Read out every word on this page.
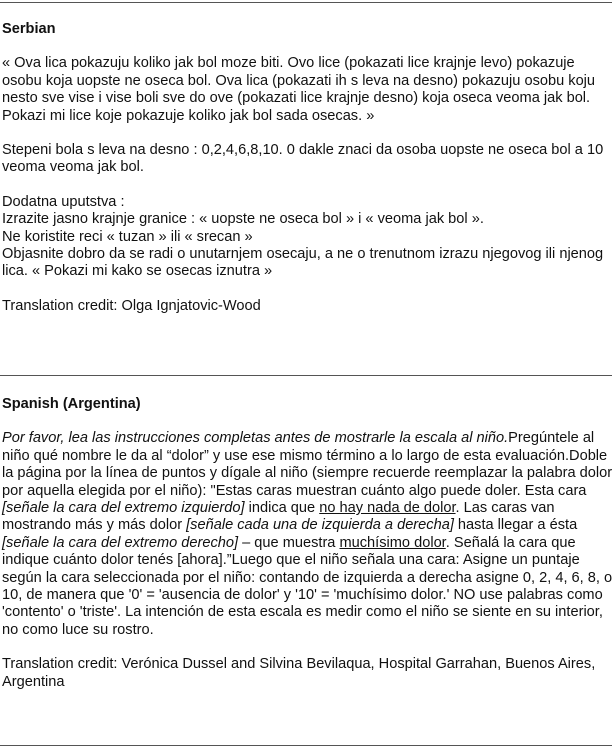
Serbian

« Ova lica pokazuju koliko jak bol moze biti. Ovo lice (pokazati lice krajnje levo) pokazuje osobu koja uopste ne oseca bol. Ova lica (pokazati ih s leva na desno) pokazuju osobu koju nesto sve vise i vise boli sve do ove (pokazati lice krajnje desno) koja oseca veoma jak bol. Pokazi mi lice koje pokazuje koliko jak bol sada osecas. »

Stepeni bola s leva na desno : 0,2,4,6,8,10. 0 dakle znaci da osoba uopste ne oseca bol a 10 veoma veoma jak bol.

Dodatna uputstva :

Izrazite jasno krajnje granice : « uopste ne oseca bol » i « veoma jak bol ».

Ne koristite reci « tuzan » ili « srecan »

Objasnite dobro da se radi o unutarnjem osecaju, a ne o trenutnom izrazu njegovog ili njenog lica. « Pokazi mi kako se osecas iznutra »

Translation credit: Olga Ignjatovic-Wood

Spanish (Argentina)

Por favor, lea las instrucciones completas antes de mostrarle la escala al niño.Pregúntele al niño qué nombre le da al “dolor” y use ese mismo término a lo largo de esta evaluación.Doble la página por la línea de puntos y dígale al niño (siempre recuerde reemplazar la palabra dolor por aquella elegida por el niño): "Estas caras muestran cuánto algo puede doler. Esta cara [señale la cara del extremo izquierdo] indica que no hay nada de dolor. Las caras van mostrando más y más dolor [señale cada una de izquierda a derecha] hasta llegar a ésta [señale la cara del extremo derecho] – que muestra muchísimo dolor. Señalá la cara que indique cuánto dolor tenés [ahora].”Luego que el niño señala una cara: Asigne un puntaje según la cara seleccionada por el niño: contando de izquierda a derecha asigne 0, 2, 4, 6, 8, o 10, de manera que '0' = 'ausencia de dolor' y '10' = 'muchísimo dolor.' NO use palabras como 'contento' o 'triste'. La intención de esta escala es medir como el niño se siente en su interior, no como luce su rostro.

Translation credit: Verónica Dussel and Silvina Bevilaqua, Hospital Garrahan, Buenos Aires, Argentina
